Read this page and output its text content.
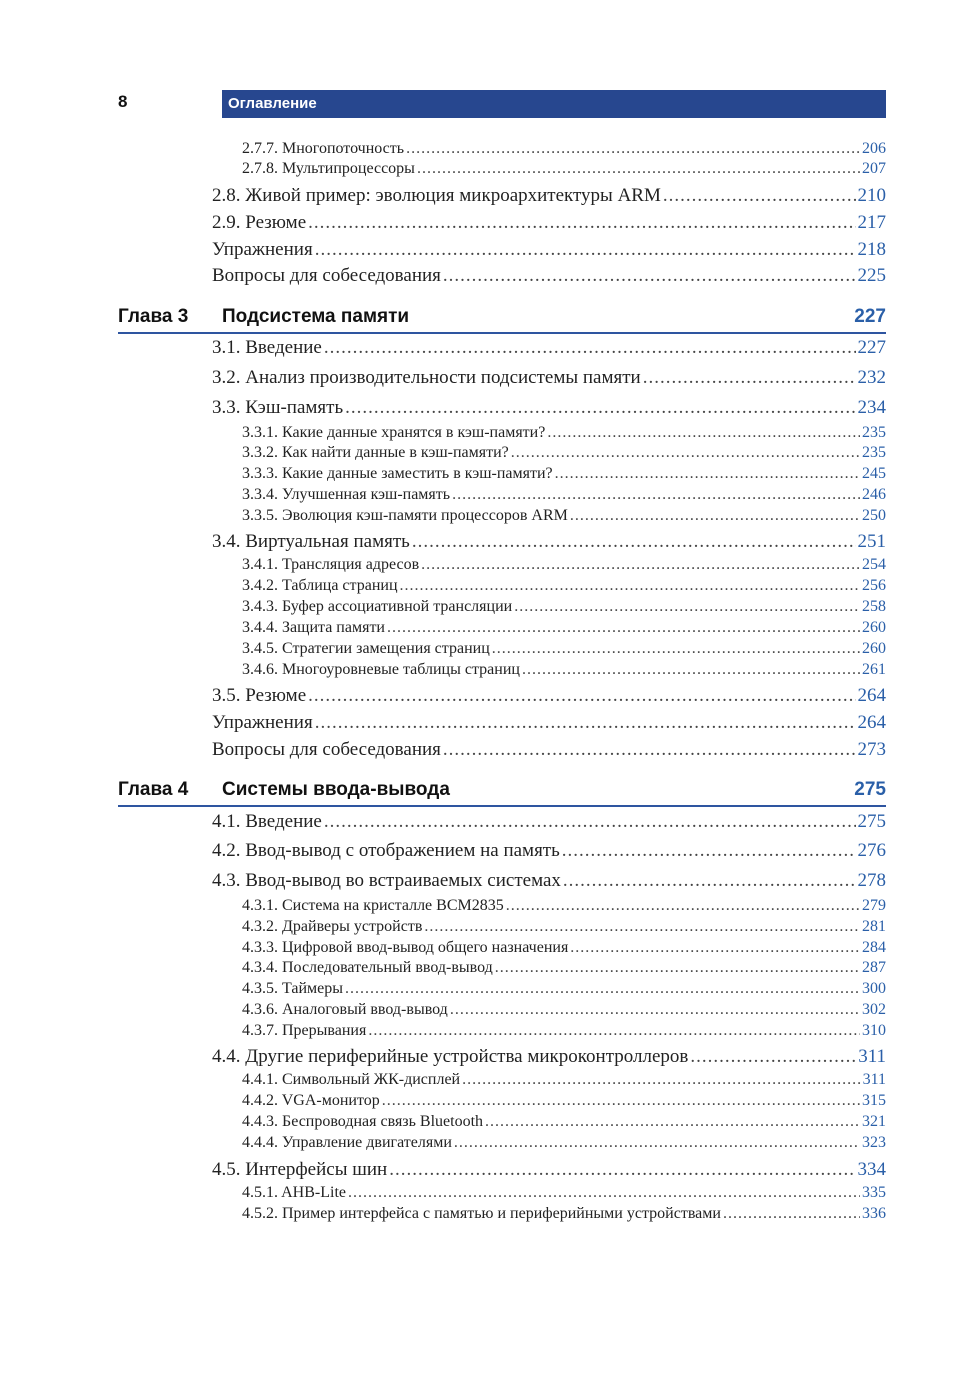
8	Оглавление
2.7.7. Многопоточность .....	206
2.7.8. Мультипроцессоры .....	207
2.8. Живой пример: эволюция микроархитектуры ARM .....	210
2.9. Резюме .....	217
Упражнения .....	218
Вопросы для собеседования .....	225
Глава 3 Подсистема памяти	227
3.1. Введение .....	227
3.2. Анализ производительности подсистемы памяти .....	232
3.3. Кэш-память .....	234
3.3.1. Какие данные хранятся в кэш-памяти? .....	235
3.3.2. Как найти данные в кэш-памяти? .....	235
3.3.3. Какие данные заместить в кэш-памяти? .....	245
3.3.4. Улучшенная кэш-память .....	246
3.3.5. Эволюция кэш-памяти процессоров ARM .....	250
3.4. Виртуальная память .....	251
3.4.1. Трансляция адресов .....	254
3.4.2. Таблица страниц .....	256
3.4.3. Буфер ассоциативной трансляции .....	258
3.4.4. Защита памяти .....	260
3.4.5. Стратегии замещения страниц .....	260
3.4.6. Многоуровневые таблицы страниц .....	261
3.5. Резюме .....	264
Упражнения .....	264
Вопросы для собеседования .....	273
Глава 4 Системы ввода-вывода	275
4.1. Введение .....	275
4.2. Ввод-вывод с отображением на память .....	276
4.3. Ввод-вывод во встраиваемых системах .....	278
4.3.1. Система на кристалле BCM2835 .....	279
4.3.2. Драйверы устройств .....	281
4.3.3. Цифровой ввод-вывод общего назначения .....	284
4.3.4. Последовательный ввод-вывод .....	287
4.3.5. Таймеры .....	300
4.3.6. Аналоговый ввод-вывод .....	302
4.3.7. Прерывания .....	310
4.4. Другие периферийные устройства микроконтроллеров .....	311
4.4.1. Символьный ЖК-дисплей .....	311
4.4.2. VGA-монитор .....	315
4.4.3. Беспроводная связь Bluetooth .....	321
4.4.4. Управление двигателями .....	323
4.5. Интерфейсы шин .....	334
4.5.1. AHB-Lite .....	335
4.5.2. Пример интерфейса с памятью и периферийными устройствами .....	336
